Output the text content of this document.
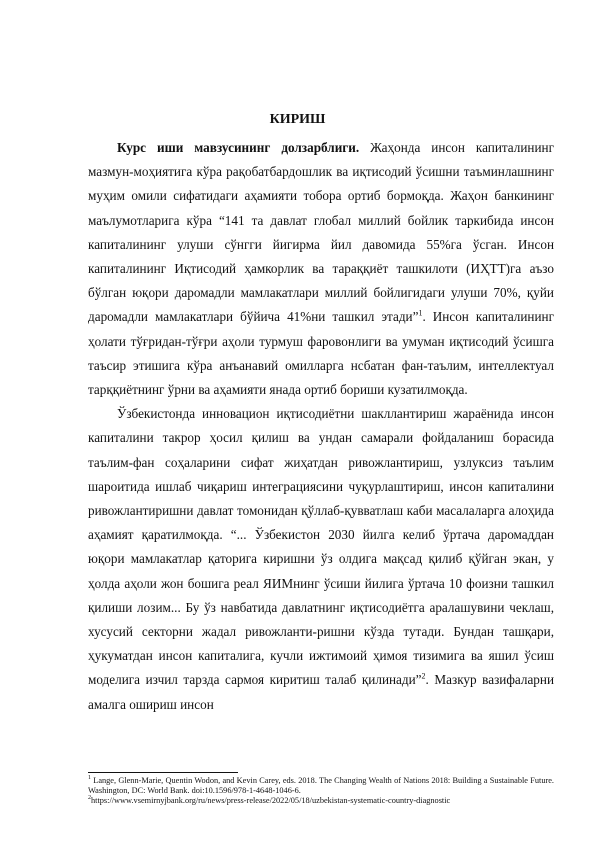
КИРИШ

Курс иши мавзусининг долзарблиги. Жаҳонда инсон капиталининг мазмун-моҳиятига кўра рақобатбардошлик ва иқтисодий ўсишни таъминлашнинг муҳим омили сифатидаги аҳамияти тобора ортиб бормоқда. Жаҳон банкининг маълумотларига кўра “141 та давлат глобал миллий бойлик таркибида инсон капиталининг улуши сўнгги йигирма йил давомида 55%га ўсган. Инсон капиталининг Иқтисодий ҳамкорлик ва тараққиёт ташкилоти (ИҲТТ)га аъзо бўлган юқори даромадли мамлакатлари миллий бойлигидаги улуши 70%, қуйи даромадли мамлакатлари бўйича 41%ни ташкил этади”$^1$. Инсон капиталининг ҳолати тўғридан-тўғри аҳоли турмуш фаровонлиги ва умуман иқтисодий ўсишга таъсир этишига кўра анъанавий омилларга нсбатан фан-таълим, интеллектуал тарққиётнинг ўрни ва аҳамияти янада ортиб бориши кузатилмоқда.

Ўзбекистонда инновацион иқтисодиётни шакллантириш жараёнида инсон капиталини такрор ҳосил қилиш ва ундан самарали фойдаланиш борасида таълим-фан соҳаларини сифат жиҳатдан ривожлантириш, узлуксиз таълим шароитида ишлаб чиқариш интеграциясини чуқурлаштириш, инсон капиталини ривожлантиришни давлат томонидан қўллаб-қувватлаш каби масалаларга алоҳида аҳамият қаратилмоқда. “... Ўзбекистон 2030 йилга келиб ўртача даромаддан юқори мамлакатлар қаторига киришни ўз олдига мақсад қилиб қўйган экан, у ҳолда аҳоли жон бошига реал ЯИМнинг ўсиши йилига ўртача 10 фоизни ташкил қилиши лозим... Бу ўз навбатида давлатнинг иқтисодиётга аралашувини чеклаш, хусусий секторни жадал ривожланти-ришни кўзда тутади. Бундан ташқари, ҳукуматдан инсон капиталига, кучли ижтимоий ҳимоя тизимига ва яшил ўсиш моделига изчил тарзда сармоя киритиш талаб қилинади”$^2$. Мазкур вазифаларни амалга ошириш инсон

$^1$ Lange, Glenn-Marie, Quentin Wodon, and Kevin Carey, eds. 2018. The Changing Wealth of Nations 2018: Building a Sustainable Future. Washington, DC: World Bank. doi:10.1596/978-1-4648-1046-6.

$^2$https://www.vsemirnyjbank.org/ru/news/press-release/2022/05/18/uzbekistan-systematic-country-diagnostic
